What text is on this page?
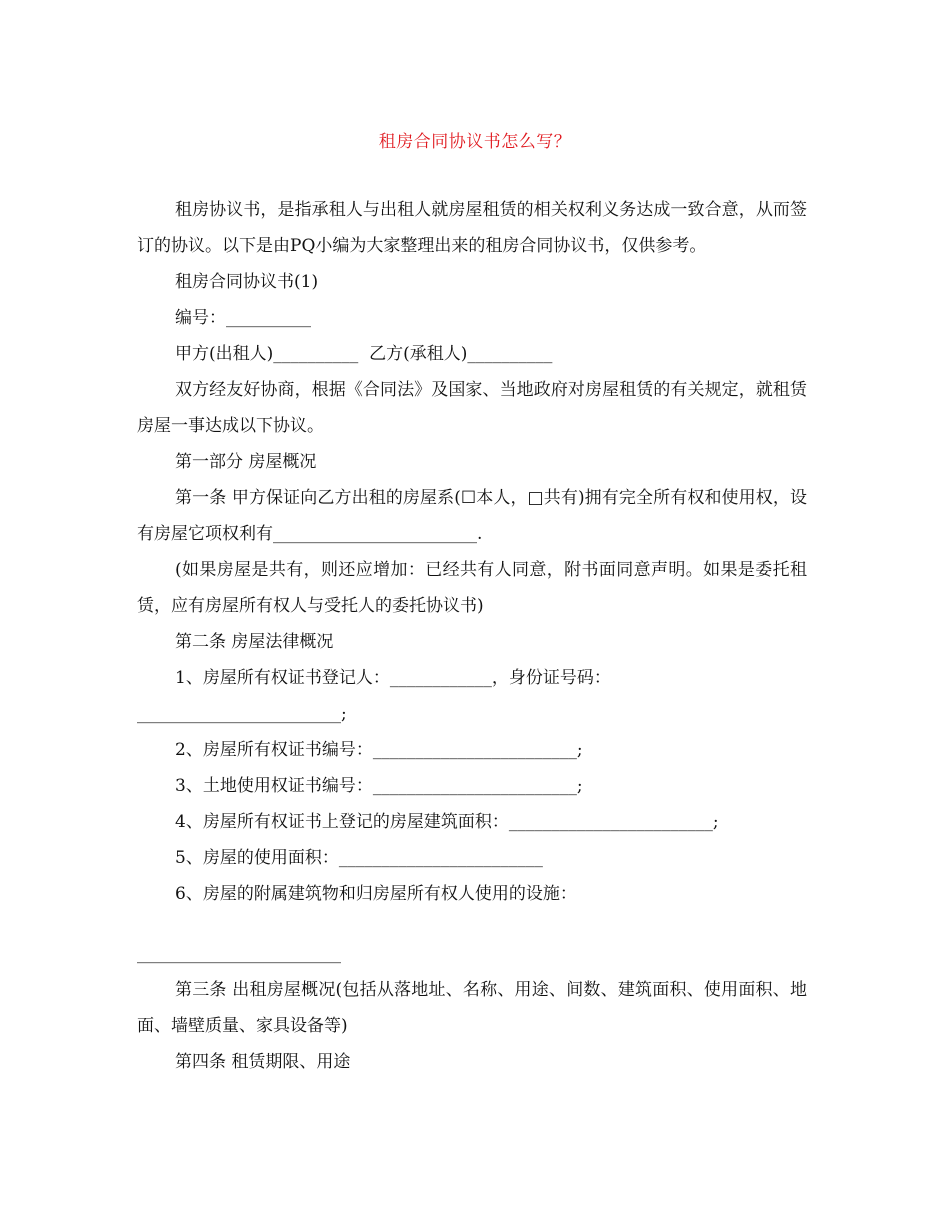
租房合同协议书怎么写？

租房协议书，是指承租人与出租人就房屋租赁的相关权利义务达成一致合意，从而签订的协议。以下是由PQ小编为大家整理出来的租房合同协议书，仅供参考。

租房合同协议书(1)

编号：__________

甲方(出租人)__________  乙方(承租人)__________

双方经友好协商，根据《合同法》及国家、当地政府对房屋租赁的有关规定，就租赁房屋一事达成以下协议。

第一部分 房屋概况

第一条 甲方保证向乙方出租的房屋系(☐本人，□共有)拥有完全所有权和使用权，设有房屋它项权利有________________________.

(如果房屋是共有，则还应增加：已经共有人同意，附书面同意声明。如果是委托租赁，应有房屋所有权人与受托人的委托协议书)

第二条 房屋法律概况

1、房屋所有权证书登记人：____________，身份证号码：

________________________;

2、房屋所有权证书编号：________________________;

3、土地使用权证书编号：________________________;

4、房屋所有权证书上登记的房屋建筑面积：________________________;

5、房屋的使用面积：________________________

6、房屋的附属建筑物和归房屋所有权人使用的设施：

________________________

第三条 出租房屋概况(包括从落地址、名称、用途、间数、建筑面积、使用面积、地面、墙壁质量、家具设备等)

第四条 租赁期限、用途
